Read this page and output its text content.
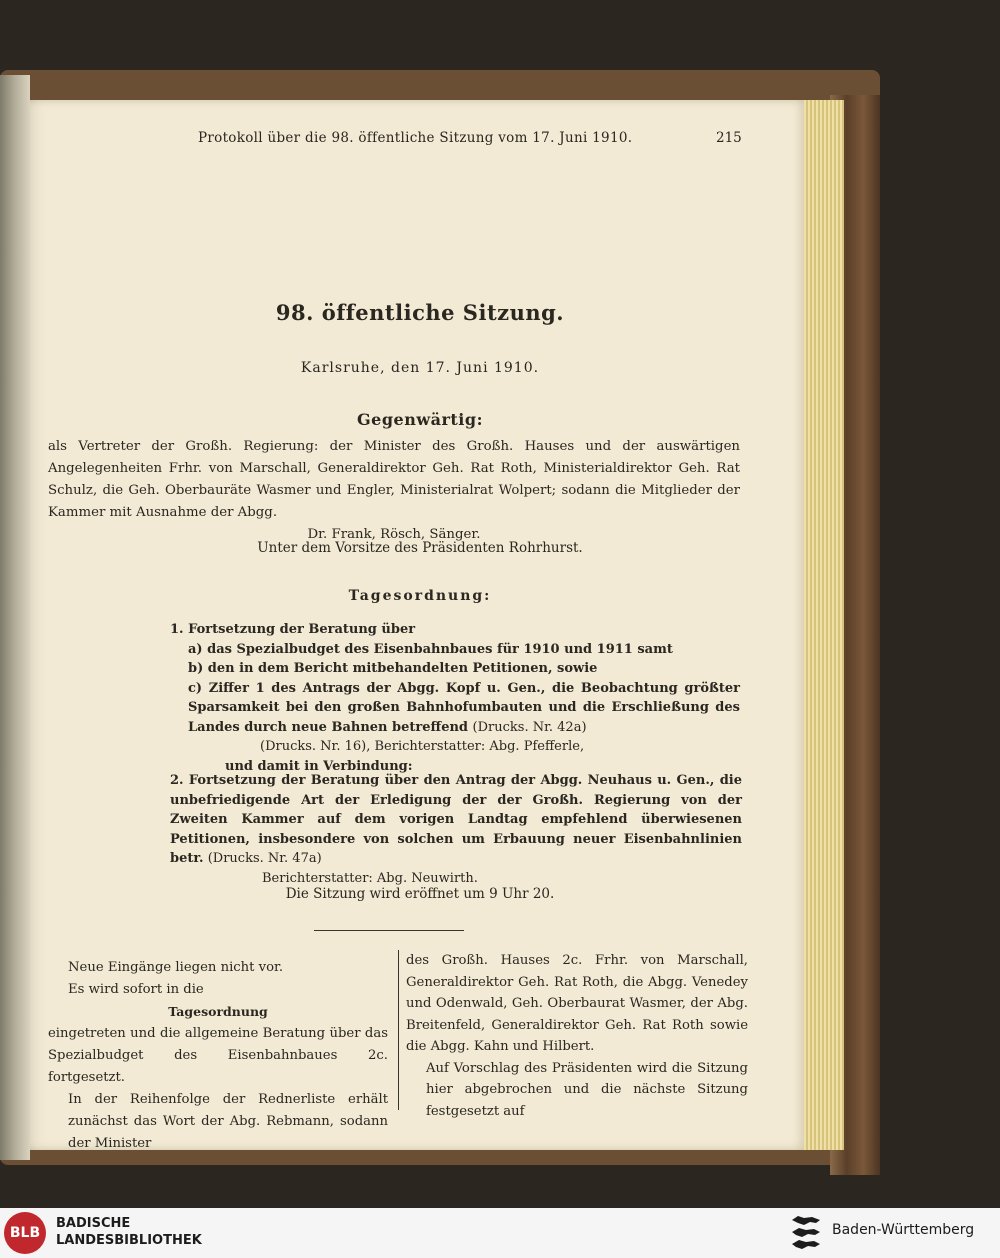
Protokoll über die 98. öffentliche Sitzung vom 17. Juni 1910.	215
98. öffentliche Sitzung.
Karlsruhe, den 17. Juni 1910.
Gegenwärtig:
als Vertreter der Großh. Regierung: der Minister des Großh. Hauses und der auswärtigen Angelegenheiten Frhr. von Marschall, Generaldirektor Geh. Rat Roth, Ministerialdirektor Geh. Rat Schulz, die Geh. Oberbauräte Wasmer und Engler, Ministerialrat Wolpert; sodann die Mitglieder der Kammer mit Ausnahme der Abgg.
Dr. Frank, Rösch, Sänger.
Unter dem Vorsitze des Präsidenten Rohrhurst.
Tagesordnung:
1. Fortsetzung der Beratung über
a) das Spezialbudget des Eisenbahnbaues für 1910 und 1911 samt
b) den in dem Bericht mitbehandelten Petitionen, sowie
c) Ziffer 1 des Antrags der Abgg. Kopf u. Gen., die Beobachtung größter Sparsamkeit bei den großen Bahnhofumbauten und die Erschließung des Landes durch neue Bahnen betreffend (Drucks. Nr. 42a)
(Drucks. Nr. 16), Berichterstatter: Abg. Pfefferle,
und damit in Verbindung:
2. Fortsetzung der Beratung über den Antrag der Abgg. Neuhaus u. Gen., die unbefriedigende Art der Erledigung der der Großh. Regierung von der Zweiten Kammer auf dem vorigen Landtag empfehlend überwiesenen Petitionen, insbesondere von solchen um Erbauung neuer Eisenbahnlinien betr. (Drucks. Nr. 47a)
Berichterstatter: Abg. Neuwirth.
Die Sitzung wird eröffnet um 9 Uhr 20.
Neue Eingänge liegen nicht vor.
Es wird sofort in die
Tagesordnung
eingetreten und die allgemeine Beratung über das Spezialbudget des Eisenbahnbaues 2c. fortgesetzt.
In der Reihenfolge der Rednerliste erhält zunächst das Wort der Abg. Rebmann, sodann der Minister
des Großh. Hauses 2c. Frhr. von Marschall, Generaldirektor Geh. Rat Roth, die Abgg. Venedey und Odenwald, Geh. Oberbaurat Wasmer, der Abg. Breitenfeld, Generaldirektor Geh. Rat Roth sowie die Abgg. Kahn und Hilbert.
Auf Vorschlag des Präsidenten wird die Sitzung hier abgebrochen und die nächste Sitzung festgesetzt auf
BLB
BADISCHE
LANDESBIBLIOTHEK
Baden-Württemberg
